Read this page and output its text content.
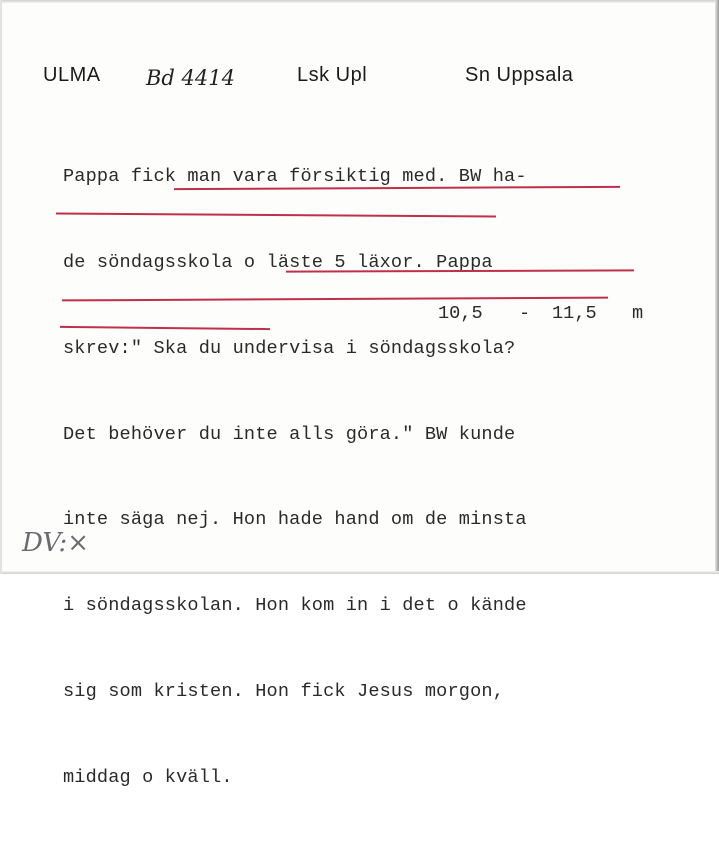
ULMA Bd 4414	Lsk Upl	Sn Uppsala

Pappa fick man vara försiktig med. BW ha-

de söndagsskola o läste 5 läxor. Pappa

skrev:" Ska du undervisa i söndagsskola?

Det behöver du inte alls göra." BW kunde

inte säga nej. Hon hade hand om de minsta

i söndagsskolan. Hon kom in i det o kände

sig som kristen. Hon fick Jesus morgon,

middag o kväll.

10,5 - 11,5 m
DV:×
